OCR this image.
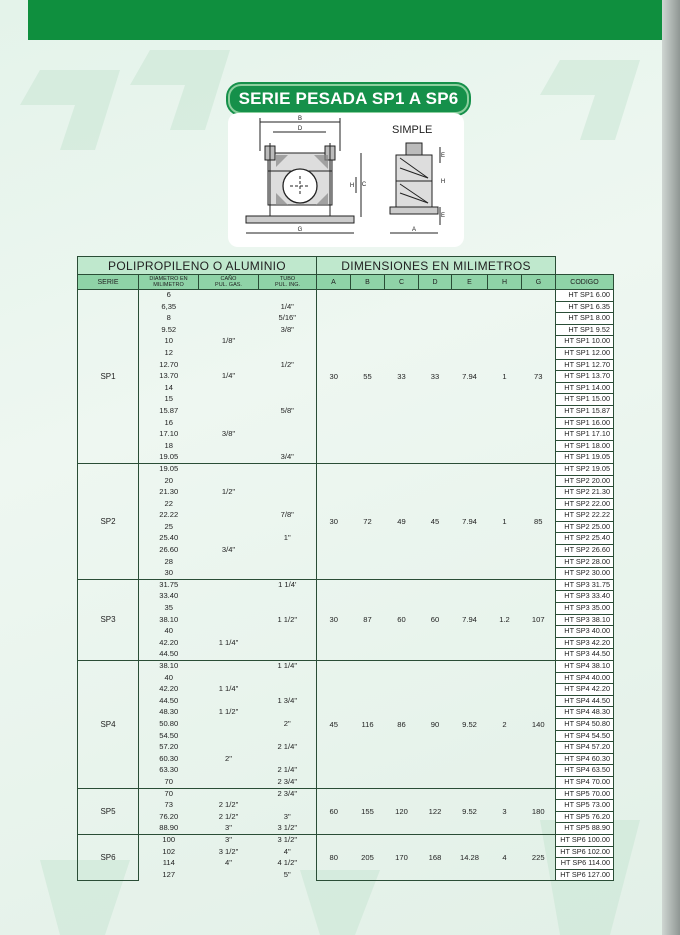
SERIE PESADA SP1 A SP6
B
D
C
H
G
E
H
E
A
SIMPLE
POLIPROPILENO O ALUMINIO				DIMENSIONES EN MILIMETROS							
SERIE	DIAMETRO EN
MILIMETRO	CAÑO
PUL. GAS.	TUBO
PUL. ING.	A	B	C	D	E	H	G	CODIGO
SP1	6			30	55	33	33	7.94	1	73	HT SP1 6.00
	6,35		1/4"								HT SP1 6.35
	8		5/16"								HT SP1 8.00
	9.52		3/8"								HT SP1 9.52
	10	1/8"									HT SP1 10.00
	12										HT SP1 12.00
	12.70		1/2"								HT SP1 12.70
	13.70	1/4"									HT SP1 13.70
	14										HT SP1 14.00
	15										HT SP1 15.00
	15.87		5/8"								HT SP1 15.87
	16										HT SP1 16.00
	17.10	3/8"									HT SP1 17.10
	18										HT SP1 18.00
	19.05		3/4"								HT SP1 19.05
SP2	19.05			30	72	49	45	7.94	1	85	HT SP2 19.05
	20										HT SP2 20.00
	21.30	1/2"									HT SP2 21.30
	22										HT SP2 22.00
	22.22		7/8"								HT SP2 22.22
	25										HT SP2 25.00
	25.40		1"								HT SP2 25.40
	26.60	3/4"									HT SP2 26.60
	28										HT SP2 28.00
	30										HT SP2 30.00
SP3	31.75		1 1/4'	30	87	60	60	7.94	1.2	107	HT SP3 31.75
	33.40										HT SP3 33.40
	35										HT SP3 35.00
	38.10		1 1/2"								HT SP3 38.10
	40										HT SP3 40.00
	42.20	1 1/4"									HT SP3 42.20
	44.50										HT SP3 44.50
SP4	38.10		1 1/4"	45	116	86	90	9.52	2	140	HT SP4 38.10
	40										HT SP4 40.00
	42.20	1 1/4"									HT SP4 42.20
	44.50		1 3/4"								HT SP4 44.50
	48.30	1 1/2"									HT SP4 48.30
	50.80		2"								HT SP4 50.80
	54.50										HT SP4 54.50
	57.20		2 1/4"								HT SP4 57.20
	60.30	2"									HT SP4 60.30
	63.30		2 1/4"								HT SP4 63.50
	70		2 3/4"								HT SP4 70.00
SP5	70		2 3/4"	60	155	120	122	9.52	3	180	HT SP5 70.00
	73	2 1/2"									HT SP5 73.00
	76.20	2 1/2"	3"								HT SP5 76.20
	88.90	3"	3 1/2"								HT SP5 88.90
SP6	100	3"	3 1/2"	80	205	170	168	14.28	4	225	HT SP6 100.00
	102	3 1/2"	4"								HT SP6 102.00
	114	4"	4 1/2"								HT SP6 114.00
	127		5"								HT SP6 127.00
